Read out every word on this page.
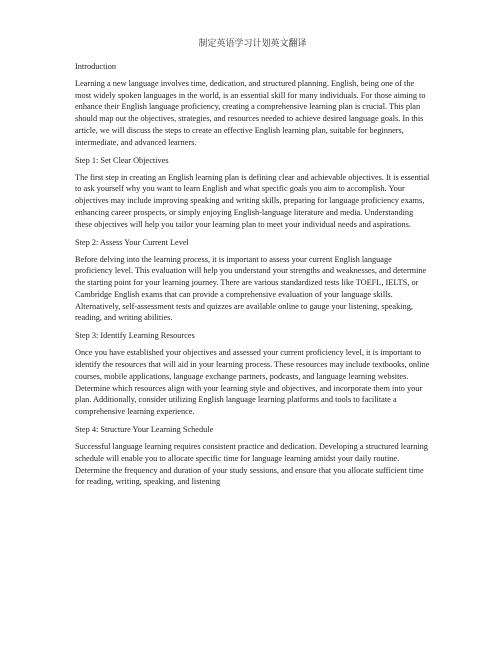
制定英语学习计划英文翻译
Introduction
Learning a new language involves time, dedication, and structured planning. English, being one of the most widely spoken languages in the world, is an essential skill for many individuals. For those aiming to enhance their English language proficiency, creating a comprehensive learning plan is crucial. This plan should map out the objectives, strategies, and resources needed to achieve desired language goals. In this article, we will discuss the steps to create an effective English learning plan, suitable for beginners, intermediate, and advanced learners.
Step 1: Set Clear Objectives
The first step in creating an English learning plan is defining clear and achievable objectives. It is essential to ask yourself why you want to learn English and what specific goals you aim to accomplish. Your objectives may include improving speaking and writing skills, preparing for language proficiency exams, enhancing career prospects, or simply enjoying English-language literature and media. Understanding these objectives will help you tailor your learning plan to meet your individual needs and aspirations.
Step 2: Assess Your Current Level
Before delving into the learning process, it is important to assess your current English language proficiency level. This evaluation will help you understand your strengths and weaknesses, and determine the starting point for your learning journey. There are various standardized tests like TOEFL, IELTS, or Cambridge English exams that can provide a comprehensive evaluation of your language skills. Alternatively, self-assessment tests and quizzes are available online to gauge your listening, speaking, reading, and writing abilities.
Step 3: Identify Learning Resources
Once you have established your objectives and assessed your current proficiency level, it is important to identify the resources that will aid in your learning process. These resources may include textbooks, online courses, mobile applications, language exchange partners, podcasts, and language learning websites. Determine which resources align with your learning style and objectives, and incorporate them into your plan. Additionally, consider utilizing English language learning platforms and tools to facilitate a comprehensive learning experience.
Step 4: Structure Your Learning Schedule
Successful language learning requires consistent practice and dedication. Developing a structured learning schedule will enable you to allocate specific time for language learning amidst your daily routine. Determine the frequency and duration of your study sessions, and ensure that you allocate sufficient time for reading, writing, speaking, and listening
